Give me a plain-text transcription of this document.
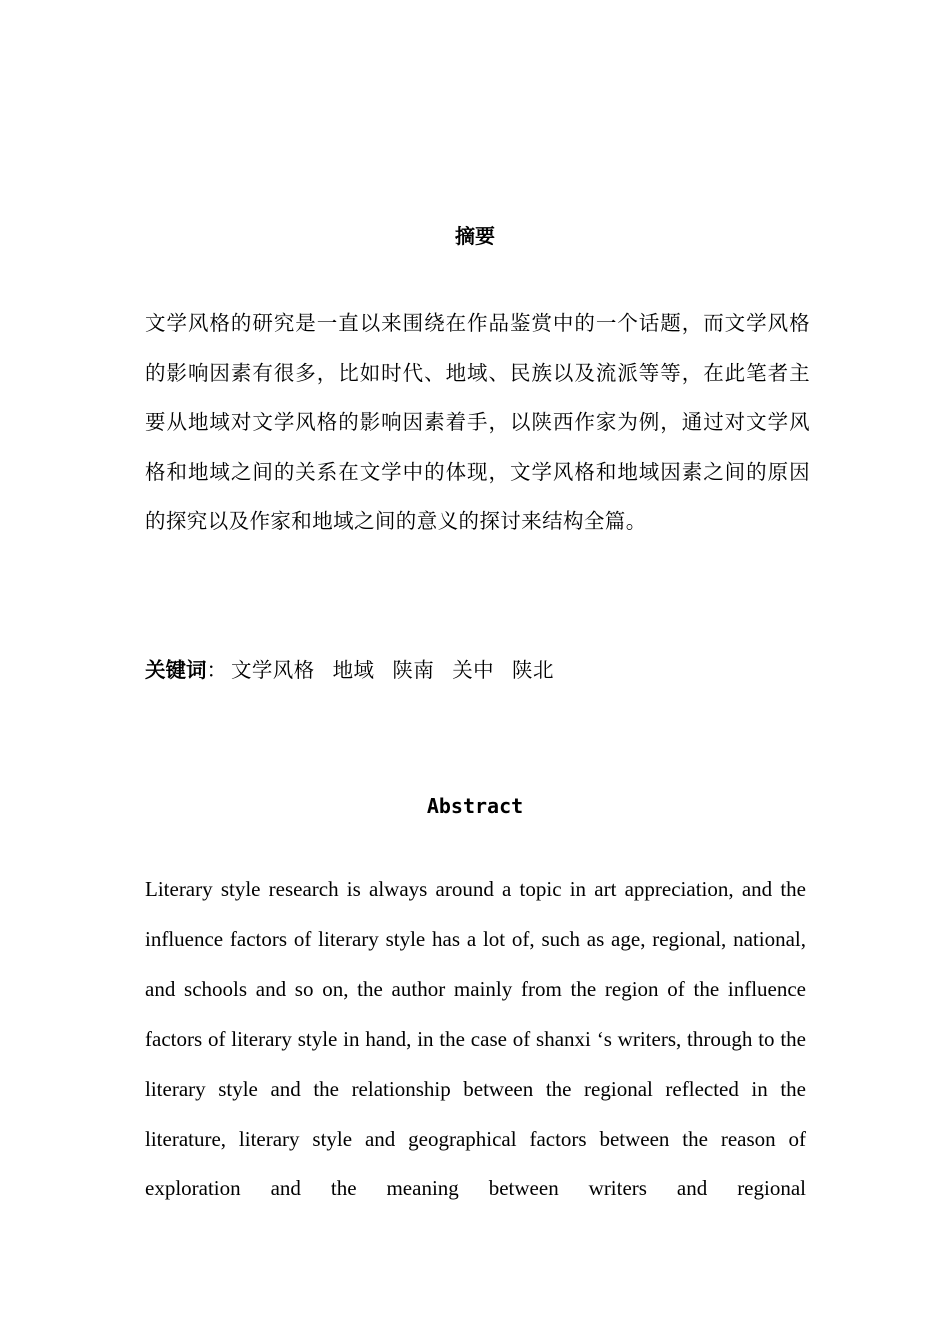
摘要

文学风格的研究是一直以来围绕在作品鉴赏中的一个话题，而文学风格的影响因素有很多，比如时代、地域、民族以及流派等等，在此笔者主要从地域对文学风格的影响因素着手，以陕西作家为例，通过对文学风格和地域之间的关系在文学中的体现，文学风格和地域因素之间的原因的探究以及作家和地域之间的意义的探讨来结构全篇。

关键词： 文学风格 地域 陕南 关中 陕北
Abstract

Literary style research is always around a topic in art appreciation, and the influence factors of literary style has a lot of, such as age, regional, national, and schools and so on, the author mainly from the region of the influence factors of literary style in hand, in the case of shanxi ‘s writers, through to the literary style and the relationship between the regional reflected in the literature, literary style and geographical factors between the reason of exploration and the meaning between writers and regional
